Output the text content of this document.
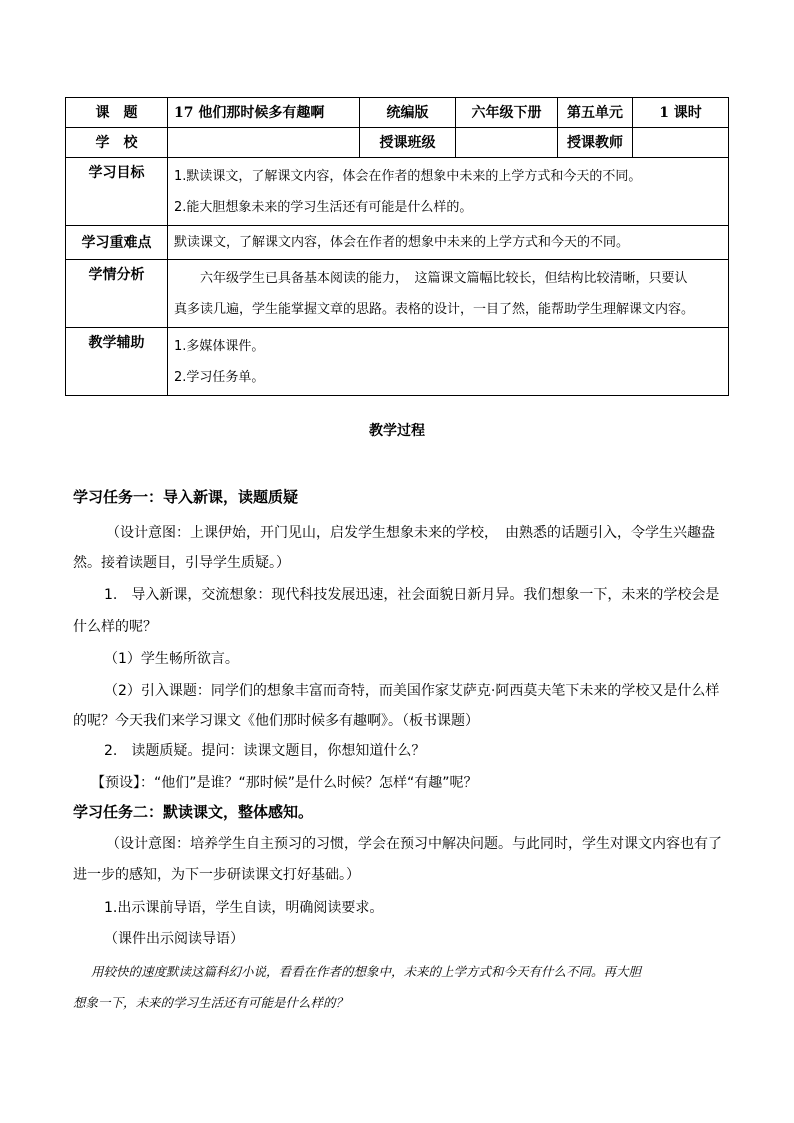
课　题	17 他们那时候多有趣啊	统编版	六年级下册	第五单元	1 课时
学　校		授课班级		授课教师	
学习目标	1.默读课文，了解课文内容，体会在作者的想象中未来的上学方式和今天的不同。
2.能大胆想象未来的学习生活还有可能是什么样的。				

学习重难点	默读课文，了解课文内容，体会在作者的想象中未来的上学方式和今天的不同。				
学情分析	六年级学生已具备基本阅读的能力，　这篇课文篇幅比较长，但结构比较清晰，只要认
真多读几遍，学生能掌握文章的思路。表格的设计，一目了然，能帮助学生理解课文内容。				

教学辅助	1.多媒体课件。
2.学习任务单。				
教学过程
学习任务一：导入新课，读题质疑
（设计意图：上课伊始，开门见山，启发学生想象未来的学校，　由熟悉的话题引入，令学生兴趣盎
然。接着读题目，引导学生质疑。）
1.　导入新课，交流想象：现代科技发展迅速，社会面貌日新月异。我们想象一下，未来的学校会是
什么样的呢？
（1）学生畅所欲言。
（2）引入课题：同学们的想象丰富而奇特，而美国作家艾萨克·阿西莫夫笔下未来的学校又是什么样
的呢？今天我们来学习课文《他们那时候多有趣啊》。（板书课题）
2.　读题质疑。提问：读课文题目，你想知道什么？
【预设】：“他们”是谁？“那时候”是什么时候？怎样“有趣”呢？
学习任务二：默读课文，整体感知。
（设计意图：培养学生自主预习的习惯，学会在预习中解决问题。与此同时，学生对课文内容也有了
进一步的感知，为下一步研读课文打好基础。）
1.出示课前导语，学生自读，明确阅读要求。
（课件出示阅读导语）
用较快的速度默读这篇科幻小说，看看在作者的想象中，未来的上学方式和今天有什么不同。再大胆
想象一下，未来的学习生活还有可能是什么样的？
